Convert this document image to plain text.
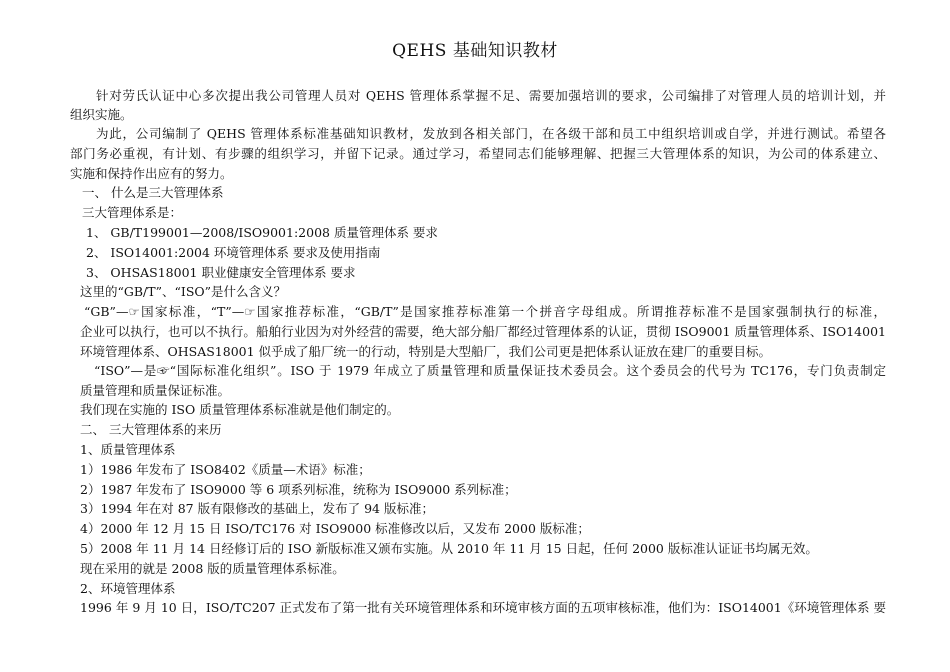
QEHS 基础知识教材
针对劳氏认证中心多次提出我公司管理人员对 QEHS 管理体系掌握不足、需要加强培训的要求，公司编排了对管理人员的培训计划，并
组织实施。
为此，公司编制了 QEHS 管理体系标准基础知识教材，发放到各相关部门，在各级干部和员工中组织培训或自学，并进行测试。希望各
部门务必重视，有计划、有步骤的组织学习，并留下记录。通过学习，希望同志们能够理解、把握三大管理体系的知识，为公司的体系建立、
实施和保持作出应有的努力。
一、 什么是三大管理体系
三大管理体系是：
1、 GB/T199001—2008/ISO9001:2008 质量管理体系 要求
2、 ISO14001:2004 环境管理体系 要求及使用指南
3、 OHSAS18001 职业健康安全管理体系 要求
这里的“GB/T”、“ISO”是什么含义？
“GB”—☞国家标准，“T”—☞国家推荐标准，“GB/T”是国家推荐标准第一个拼音字母组成。所谓推荐标准不是国家强制执行的标准，
企业可以执行，也可以不执行。船舶行业因为对外经营的需要，绝大部分船厂都经过管理体系的认证，贯彻 ISO9001 质量管理体系、ISO14001
环境管理体系、OHSAS18001 似乎成了船厂统一的行动，特别是大型船厂，我们公司更是把体系认证放在建厂的重要目标。
“ISO”—是☞“国际标准化组织”。ISO 于 1979 年成立了质量管理和质量保证技术委员会。这个委员会的代号为 TC176，专门负责制定
质量管理和质量保证标准。
我们现在实施的 ISO 质量管理体系标准就是他们制定的。
二、 三大管理体系的来历
1、质量管理体系
1）1986 年发布了 ISO8402《质量—术语》标准；
2）1987 年发布了 ISO9000 等 6 项系列标准，统称为 ISO9000 系列标准；
3）1994 年在对 87 版有限修改的基础上，发布了 94 版标准；
4）2000 年 12 月 15 日 ISO/TC176 对 ISO9000 标准修改以后，又发布 2000 版标准；
5）2008 年 11 月 14 日经修订后的 ISO 新版标准又颁布实施。从 2010 年 11 月 15 日起，任何 2000 版标准认证证书均属无效。
现在采用的就是 2008 版的质量管理体系标准。
2、环境管理体系
1996 年 9 月 10 日，ISO/TC207 正式发布了第一批有关环境管理体系和环境审核方面的五项审核标准，他们为：ISO14001《环境管理体系 要
